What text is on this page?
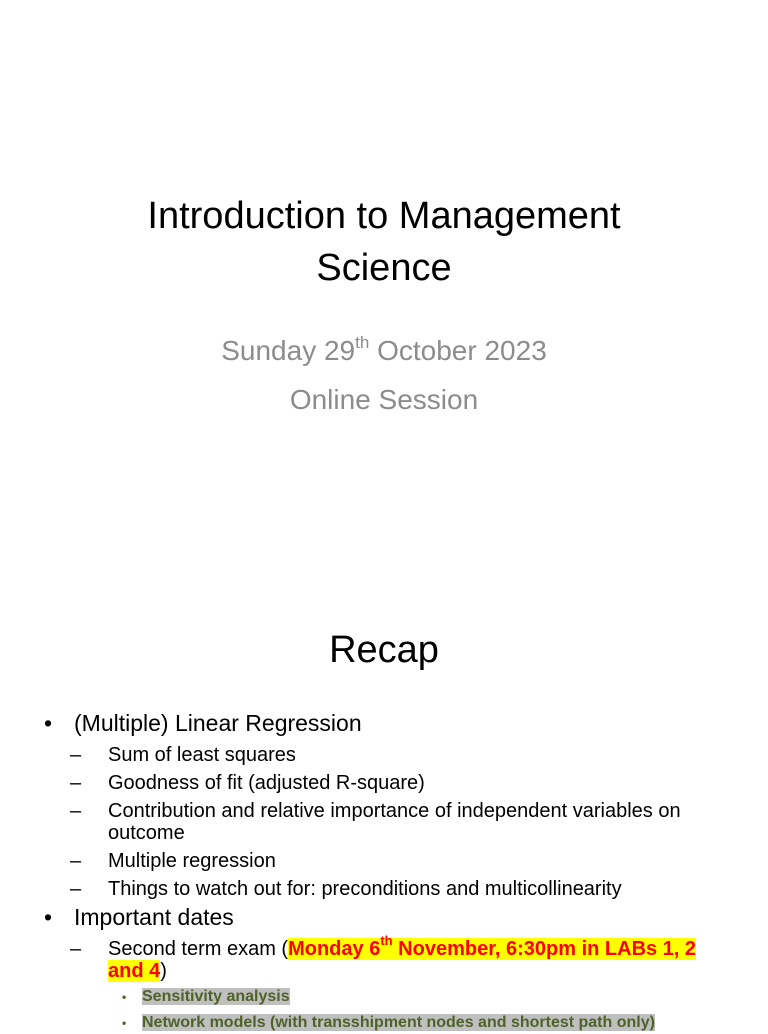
Introduction to Management
Science
Sunday 29th October 2023
Online Session
Recap
• (Multiple) Linear Regression
– Sum of least squares
– Goodness of fit (adjusted R-square)
– Contribution and relative importance of independent variables on outcome
– Multiple regression
– Things to watch out for: preconditions and multicollinearity
• Important dates
– Second term exam (Monday 6th November, 6:30pm in LABs 1, 2 and 4)
• Sensitivity analysis
• Network models (with transshipment nodes and shortest path only)
